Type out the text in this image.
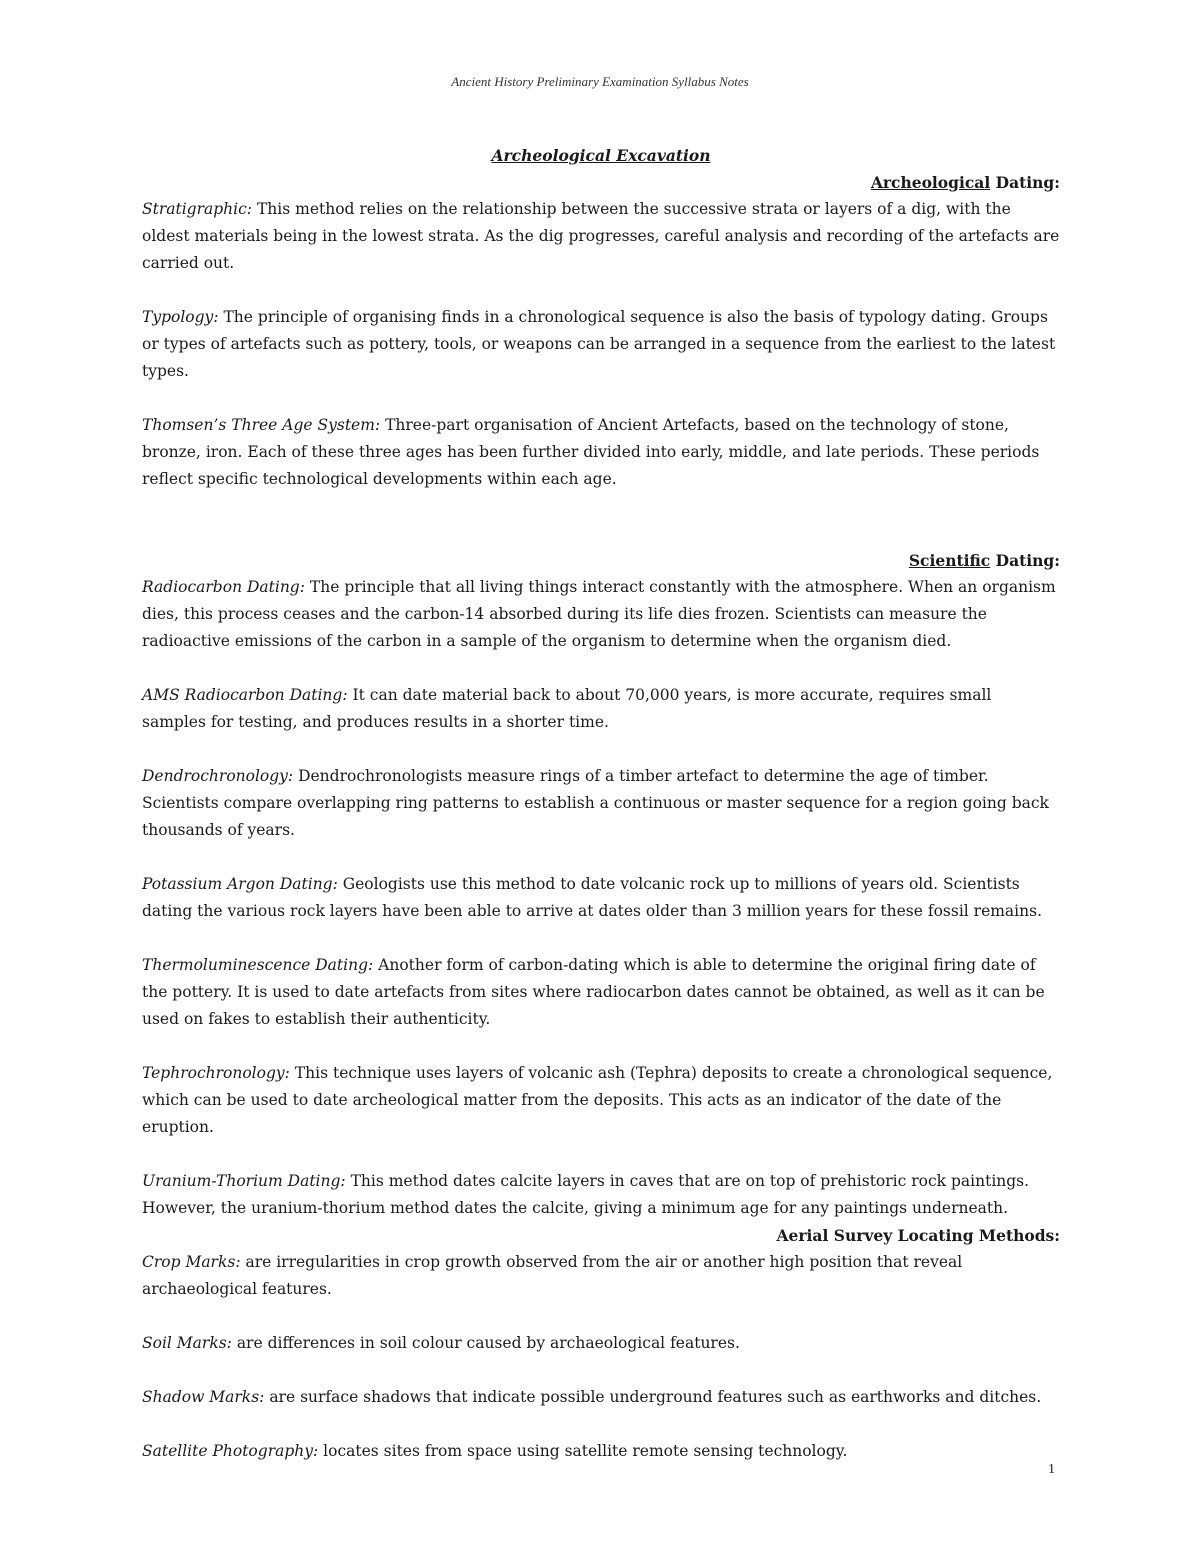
Ancient History Preliminary Examination Syllabus Notes
Archeological Excavation
Archeological Dating:

Stratigraphic: This method relies on the relationship between the successive strata or layers of a dig, with the oldest materials being in the lowest strata. As the dig progresses, careful analysis and recording of the artefacts are carried out.

Typology: The principle of organising finds in a chronological sequence is also the basis of typology dating. Groups or types of artefacts such as pottery, tools, or weapons can be arranged in a sequence from the earliest to the latest types.

Thomsen’s Three Age System: Three-part organisation of Ancient Artefacts, based on the technology of stone, bronze, iron. Each of these three ages has been further divided into early, middle, and late periods. These periods reflect specific technological developments within each age.

Scientific Dating:

Radiocarbon Dating: The principle that all living things interact constantly with the atmosphere. When an organism dies, this process ceases and the carbon-14 absorbed during its life dies frozen. Scientists can measure the radioactive emissions of the carbon in a sample of the organism to determine when the organism died.

AMS Radiocarbon Dating: It can date material back to about 70,000 years, is more accurate, requires small samples for testing, and produces results in a shorter time.

Dendrochronology: Dendrochronologists measure rings of a timber artefact to determine the age of timber. Scientists compare overlapping ring patterns to establish a continuous or master sequence for a region going back thousands of years.

Potassium Argon Dating: Geologists use this method to date volcanic rock up to millions of years old. Scientists dating the various rock layers have been able to arrive at dates older than 3 million years for these fossil remains.

Thermoluminescence Dating: Another form of carbon-dating which is able to determine the original firing date of the pottery. It is used to date artefacts from sites where radiocarbon dates cannot be obtained, as well as it can be used on fakes to establish their authenticity.

Tephrochronology: This technique uses layers of volcanic ash (Tephra) deposits to create a chronological sequence, which can be used to date archeological matter from the deposits. This acts as an indicator of the date of the eruption.

Uranium-Thorium Dating: This method dates calcite layers in caves that are on top of prehistoric rock paintings. However, the uranium-thorium method dates the calcite, giving a minimum age for any paintings underneath.

Aerial Survey Locating Methods:

Crop Marks: are irregularities in crop growth observed from the air or another high position that reveal archaeological features.

Soil Marks: are differences in soil colour caused by archaeological features.

Shadow Marks: are surface shadows that indicate possible underground features such as earthworks and ditches.

Satellite Photography: locates sites from space using satellite remote sensing technology.

1
